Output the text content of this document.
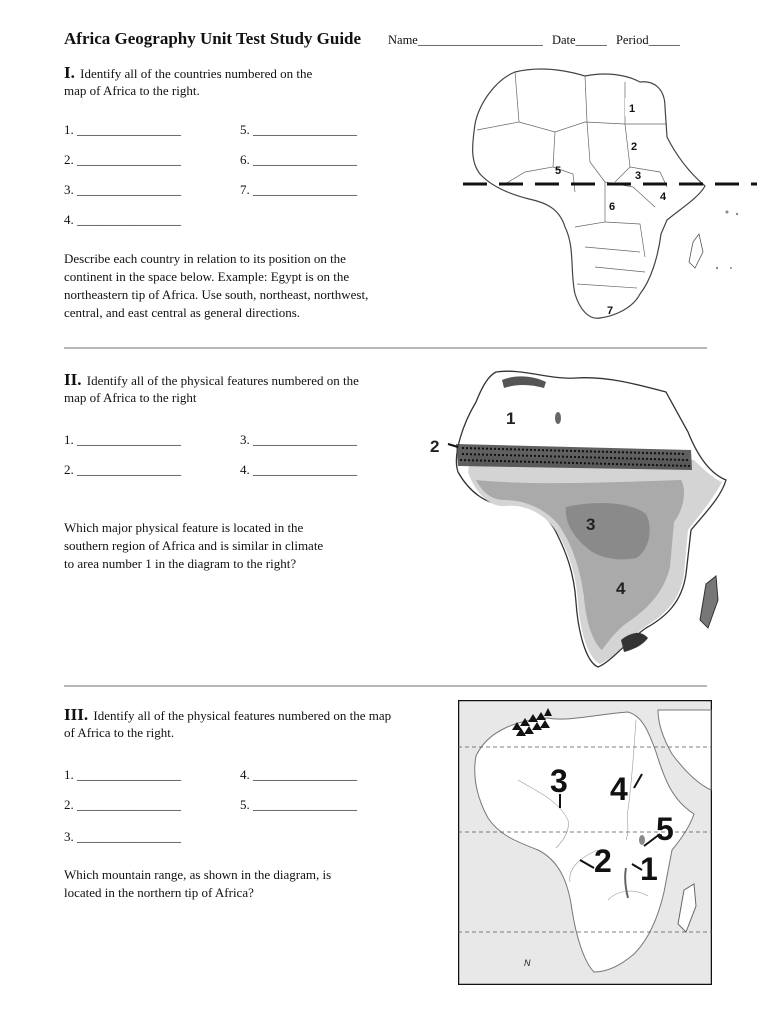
Africa Geography Unit Test Study Guide Name____________________ Date_____ Period_____
I. Identify all of the countries numbered on the
map of Africa to the right.
1. ________________
2. ________________
3. ________________
4. ________________
5. ________________
6. ________________
7. ________________
Describe each country in relation to its position on the
continent in the space below. Example: Egypt is on the
northeastern tip of Africa. Use south, northeast, northwest,
central, and east central as general directions.
1
2
3
4
5
6
7
II. Identify all of the physical features numbered on the
map of Africa to the right
1. ________________
2. ________________
3. ________________
4. ________________
Which major physical feature is located in the
southern region of Africa and is similar in climate
to area number 1 in the diagram to the right?
1
2
3
4
III. Identify all of the physical features numbered on the map
of Africa to the right.
1. ________________
2. ________________
3. ________________
4. ________________
5. ________________
Which mountain range, as shown in the diagram, is
located in the northern tip of Africa?
1
2
3 4
5
N
